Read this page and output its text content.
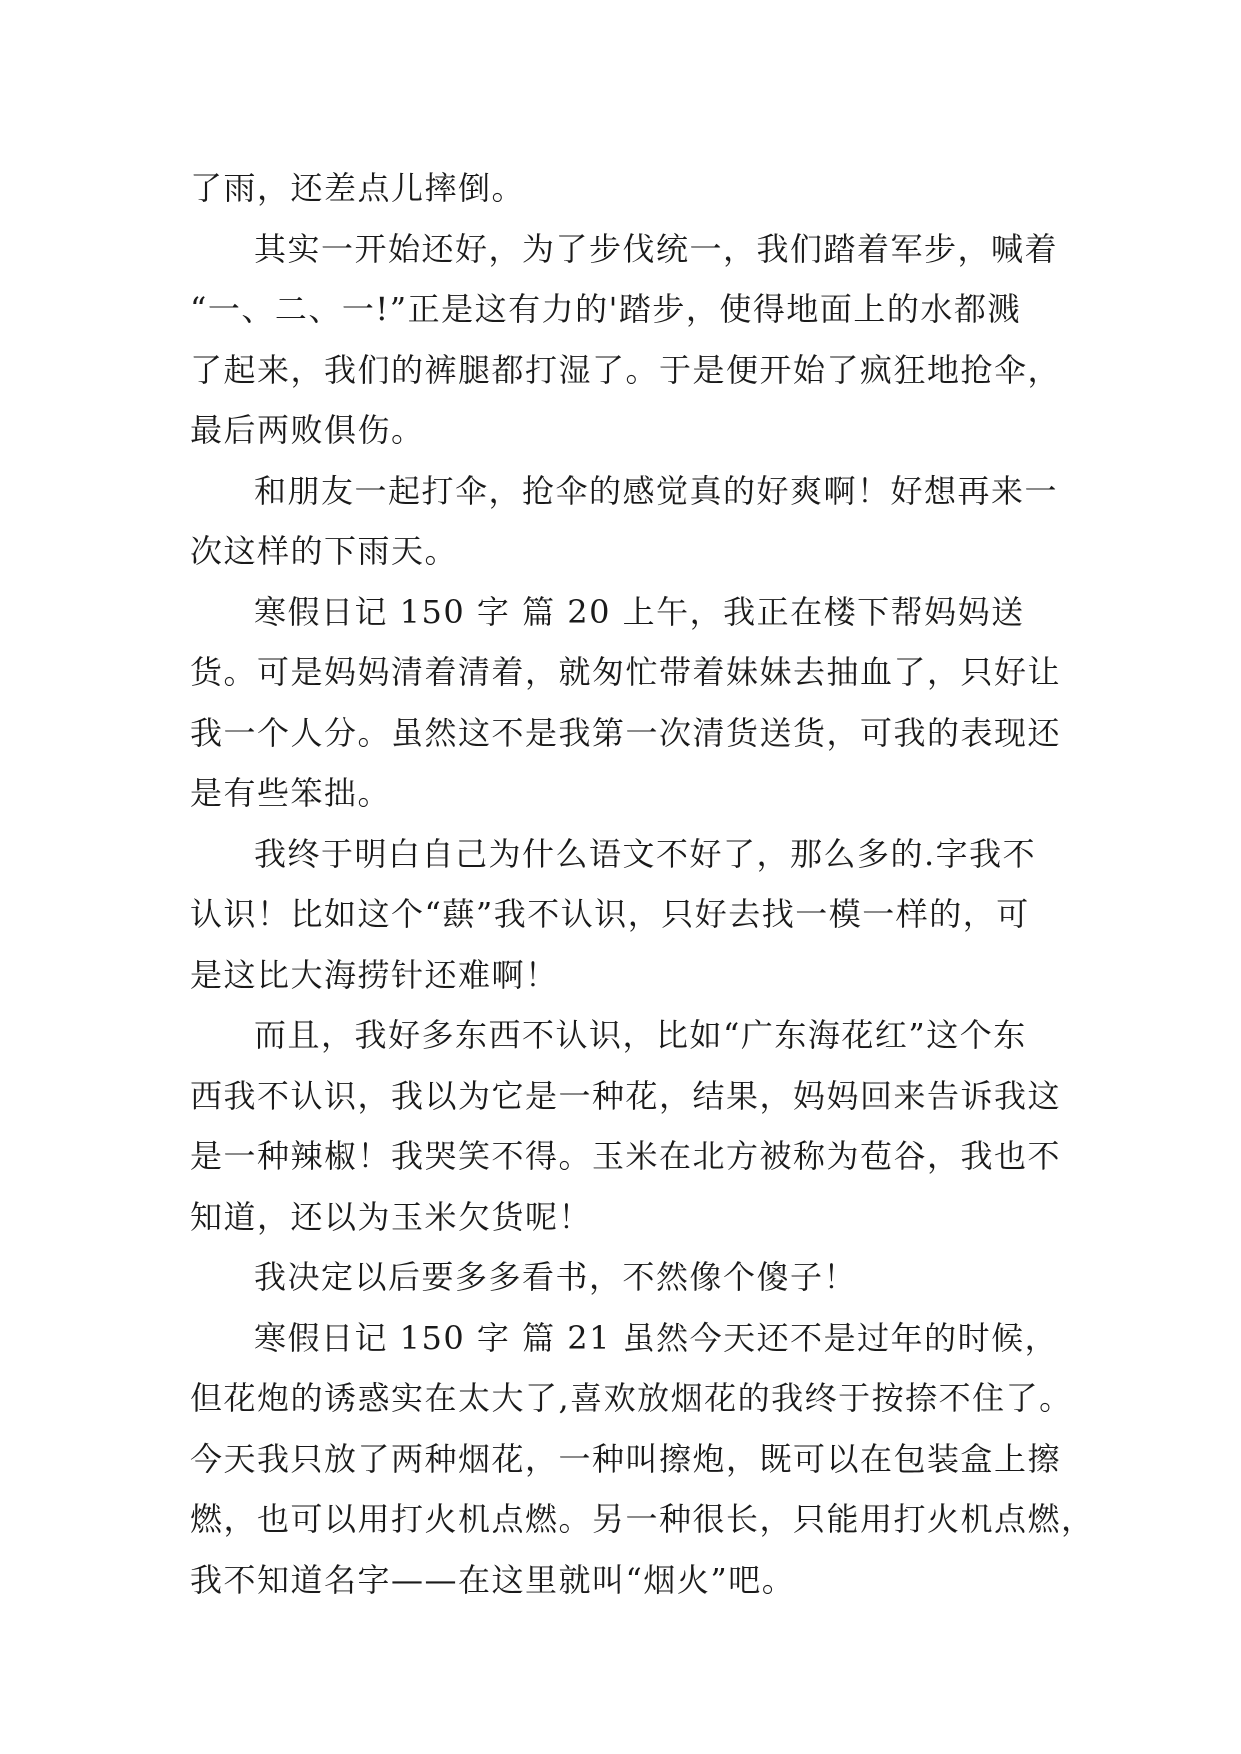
了雨，还差点儿摔倒。
其实一开始还好，为了步伐统一，我们踏着军步，喊着
“一、二、一!”正是这有力的'踏步，使得地面上的水都溅
了起来，我们的裤腿都打湿了。于是便开始了疯狂地抢伞，
最后两败俱伤。
和朋友一起打伞，抢伞的感觉真的好爽啊！好想再来一
次这样的下雨天。
寒假日记 150 字 篇 20 上午，我正在楼下帮妈妈送
货。可是妈妈清着清着，就匆忙带着妹妹去抽血了，只好让
我一个人分。虽然这不是我第一次清货送货，可我的表现还
是有些笨拙。
我终于明白自己为什么语文不好了，那么多的.字我不
认识！比如这个“蕻”我不认识，只好去找一模一样的，可
是这比大海捞针还难啊！
而且，我好多东西不认识，比如“广东海花红”这个东
西我不认识，我以为它是一种花，结果，妈妈回来告诉我这
是一种辣椒！我哭笑不得。玉米在北方被称为苞谷，我也不
知道，还以为玉米欠货呢！
我决定以后要多多看书，不然像个傻子！
寒假日记 150 字 篇 21 虽然今天还不是过年的时候，
但花炮的诱惑实在太大了,喜欢放烟花的我终于按捺不住了。
今天我只放了两种烟花，一种叫擦炮，既可以在包装盒上擦
燃，也可以用打火机点燃。另一种很长，只能用打火机点燃，
我不知道名字——在这里就叫“烟火”吧。
